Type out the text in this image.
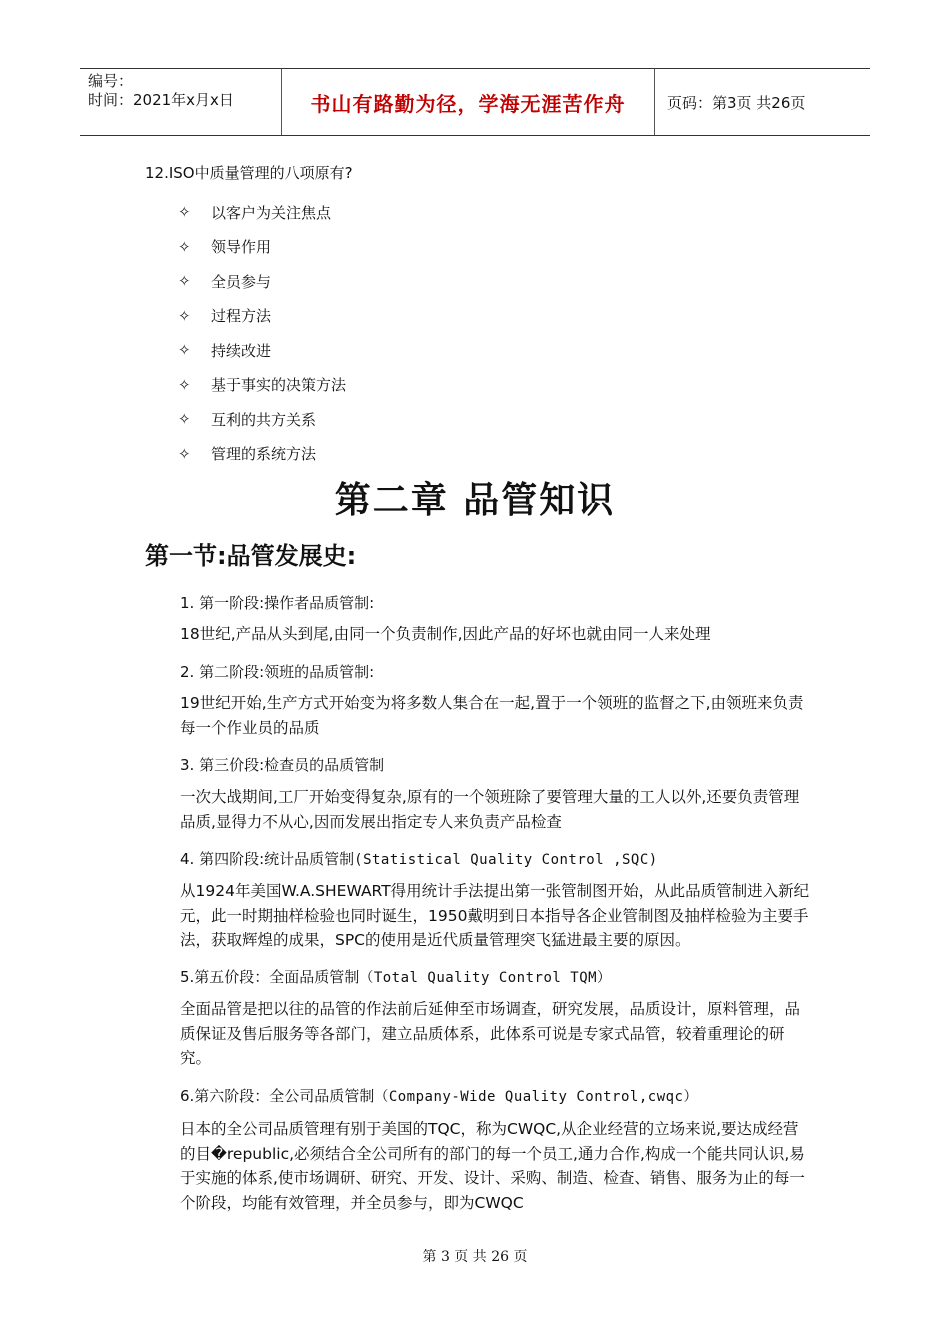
编号：
时间：2021年x月x日	书山有路勤为径，学海无涯苦作舟	页码：第3页 共26页
12.ISO中质量管理的八项原有?
✧	以客户为关注焦点
✧	领导作用
✧	全员参与
✧	过程方法
✧	持续改进
✧	基于事实的决策方法
✧	互利的共方关系
✧	管理的系统方法
第二章 品管知识
第一节:品管发展史:
1. 第一阶段:操作者品质管制:
18世纪,产品从头到尾,由同一个负责制作,因此产品的好坏也就由同一人来处理
2. 第二阶段:领班的品质管制:
19世纪开始,生产方式开始变为将多数人集合在一起,置于一个领班的监督之下,由领班来负责每一个作业员的品质
3. 第三价段:检查员的品质管制
一次大战期间,工厂开始变得复杂,原有的一个领班除了要管理大量的工人以外,还要负责管理品质,显得力不从心,因而发展出指定专人来负责产品检查
4. 第四阶段:统计品质管制(Statistical Quality Control ,SQC)
从1924年美国W.A.SHEWART得用统计手法提出第一张管制图开始，从此品质管制进入新纪元，此一时期抽样检验也同时诞生，1950戴明到日本指导各企业管制图及抽样检验为主要手法，获取辉煌的成果，SPC的使用是近代质量管理突飞猛进最主要的原因。
5.第五价段：全面品质管制（Total Quality Control TQM）
全面品管是把以往的品管的作法前后延伸至市场调查，研究发展，品质设计，原料管理，品质保证及售后服务等各部门，建立品质体系，此体系可说是专家式品管，较着重理论的研究。
6.第六阶段：全公司品质管制（Company-Wide Quality Control,cwqc）
日本的全公司品质管理有别于美国的TQC，称为CWQC,从企业经营的立场来说,要达成经营的目�republic,必须结合全公司所有的部门的每一个员工,通力合作,构成一个能共同认识,易于实施的体系,使市场调研、研究、开发、设计、采购、制造、检查、销售、服务为止的每一个阶段，均能有效管理，并全员参与，即为CWQC
第 3 页 共 26 页
